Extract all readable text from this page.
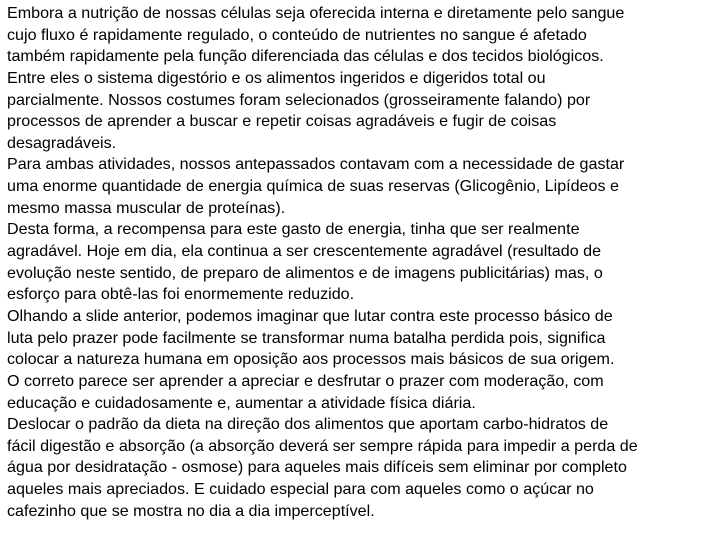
Embora a nutrição de nossas células seja oferecida interna e diretamente pelo sangue
cujo fluxo é rapidamente regulado, o conteúdo de nutrientes no sangue é afetado
também rapidamente pela função diferenciada das células e dos tecidos biológicos.
Entre eles o sistema digestório e os alimentos ingeridos e digeridos total ou
parcialmente. Nossos costumes foram selecionados (grosseiramente falando) por
processos de aprender a buscar e repetir coisas agradáveis e fugir de coisas
desagradáveis.
Para ambas atividades, nossos antepassados contavam com a necessidade de gastar
uma enorme quantidade de energia química de suas reservas (Glicogênio, Lipídeos e
mesmo massa muscular de proteínas).
Desta forma, a recompensa para este gasto de energia, tinha que ser realmente
agradável. Hoje em dia, ela continua a ser crescentemente agradável (resultado de
evolução neste sentido, de preparo de alimentos e de imagens publicitárias) mas, o
esforço para obtê-las foi enormemente reduzido.
Olhando a slide anterior, podemos imaginar que lutar contra este processo básico de
luta pelo prazer pode facilmente se transformar numa batalha perdida pois, significa
colocar a natureza humana em oposição aos processos mais básicos de sua origem.
O correto parece ser aprender a apreciar e desfrutar o prazer com moderação, com
educação e cuidadosamente e, aumentar a atividade física diária.
Deslocar o padrão da dieta na direção dos alimentos que aportam carbo-hidratos de
fácil digestão e absorção (a absorção deverá ser sempre rápida para impedir a perda de
água por desidratação - osmose) para aqueles mais difíceis sem eliminar por completo
aqueles mais apreciados. E cuidado especial para com aqueles como o açúcar no
cafezinho que se mostra no dia a dia imperceptível.
